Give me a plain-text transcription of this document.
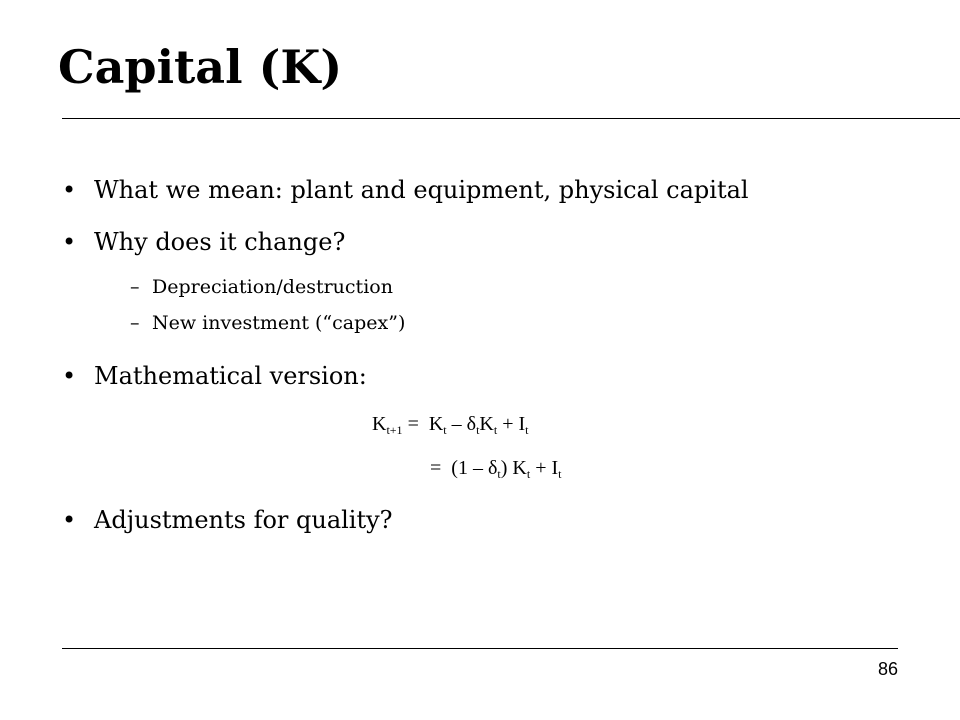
Capital (K)
• What we mean: plant and equipment, physical capital
• Why does it change?
– Depreciation/destruction
– New investment (“capex”)
• Mathematical version:
$K_{t+1} = K_t - \delta_tK_t + I_t$
=  $(1 - \delta_t)$ $K_t + I_t$
• Adjustments for quality?
86
